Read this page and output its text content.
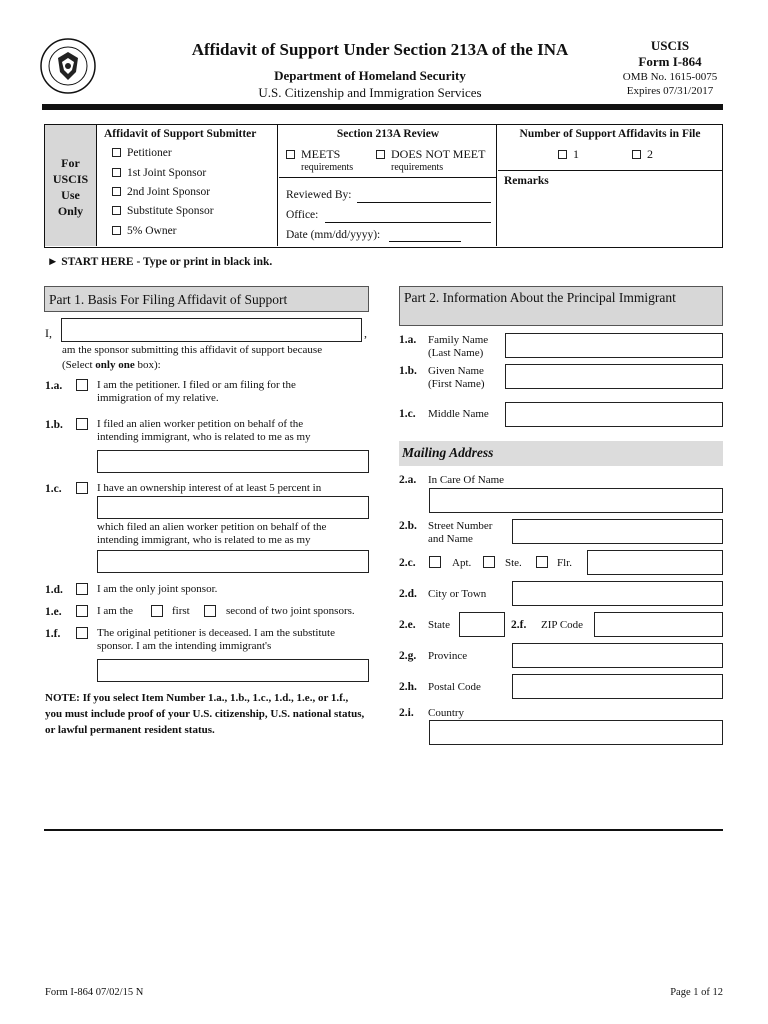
Affidavit of Support Under Section 213A of the INA
Department of Homeland Security
U.S. Citizenship and Immigration Services
USCIS
Form I-864
OMB No. 1615-0075
Expires 07/31/2017
For
USCIS
Use
Only
Affidavit of Support Submitter
Petitioner
1st Joint Sponsor
2nd Joint Sponsor
Substitute Sponsor
5% Owner
Section 213A Review
MEETS
requirements
DOES NOT MEET
requirements
Reviewed By:
Office:
Date (mm/dd/yyyy):
Number of Support Affidavits in File
1	2
Remarks
► START HERE - Type or print in black ink.
Part 1. Basis For Filing Affidavit of Support
I,	,
am the sponsor submitting this affidavit of support because
(Select only one box):
1.a.	I am the petitioner. I filed or am filing for the immigration of my relative.
1.b.	I filed an alien worker petition on behalf of the intending immigrant, who is related to me as my
1.c.	I have an ownership interest of at least 5 percent in
which filed an alien worker petition on behalf of the intending immigrant, who is related to me as my
1.d.	I am the only joint sponsor.
1.e.	I am the	first	second of two joint sponsors.
1.f.	The original petitioner is deceased. I am the substitute sponsor. I am the intending immigrant's
NOTE: If you select Item Number 1.a., 1.b., 1.c., 1.d., 1.e., or 1.f., you must include proof of your U.S. citizenship, U.S. national status, or lawful permanent resident status.
Part 2. Information About the Principal Immigrant
1.a. Family Name (Last Name)
1.b. Given Name (First Name)
1.c. Middle Name
Mailing Address
2.a. In Care Of Name
2.b. Street Number and Name
2.c.	Apt.	Ste.	Flr.
2.d. City or Town
2.e. State	2.f. ZIP Code
2.g. Province
2.h. Postal Code
2.i. Country
Form I-864 07/02/15 N	Page 1 of 12
